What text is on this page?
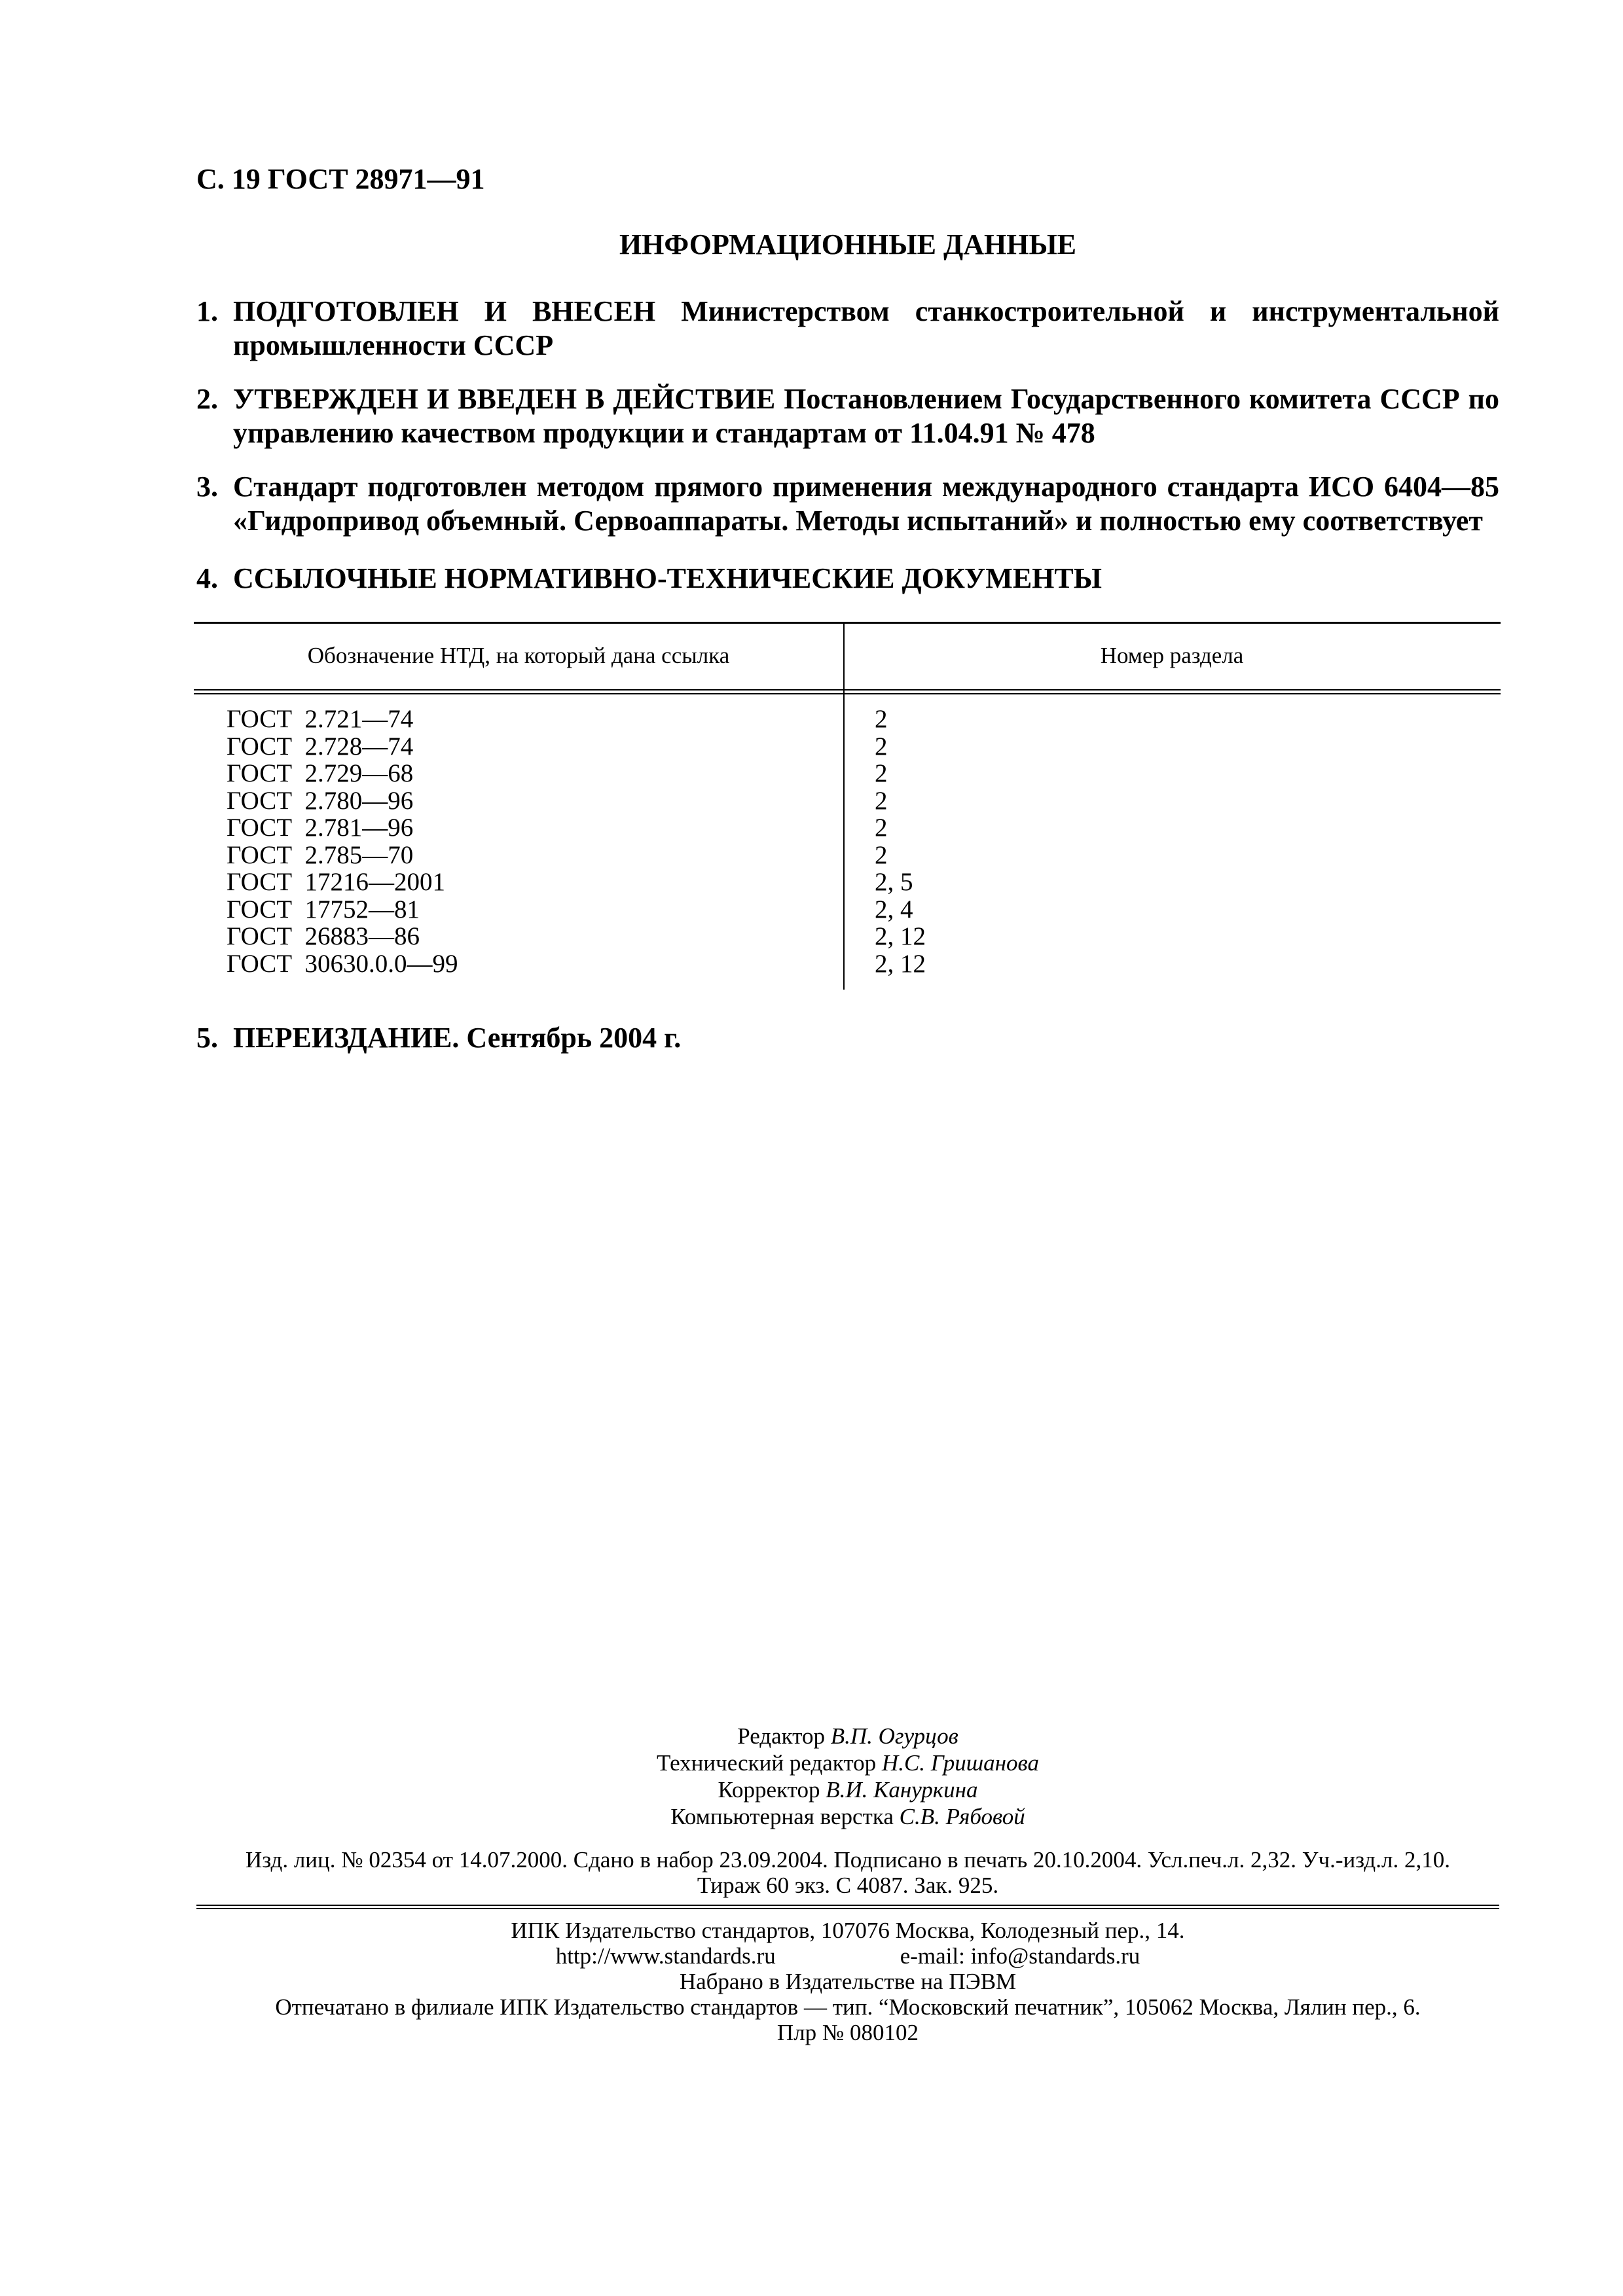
С. 19 ГОСТ 28971—91
ИНФОРМАЦИОННЫЕ ДАННЫЕ
1. ПОДГОТОВЛЕН И ВНЕСЕН Министерством станкостроительной и инструментальной промышленности СССР
2. УТВЕРЖДЕН И ВВЕДЕН В ДЕЙСТВИЕ Постановлением Государственного комитета СССР по управлению качеством продукции и стандартам от 11.04.91 № 478
3. Стандарт подготовлен методом прямого применения международного стандарта ИСО 6404—85 «Гидропривод объемный. Сервоаппараты. Методы испытаний» и полностью ему соответствует
4. ССЫЛОЧНЫЕ НОРМАТИВНО-ТЕХНИЧЕСКИЕ ДОКУМЕНТЫ
Обозначение НТД, на который дана ссылка	Номер раздела
ГОСТ  2.721—74	2
ГОСТ  2.728—74	2
ГОСТ  2.729—68	2
ГОСТ  2.780—96	2
ГОСТ  2.781—96	2
ГОСТ  2.785—70	2
ГОСТ  17216—2001	2, 5
ГОСТ  17752—81	2, 4
ГОСТ  26883—86	2, 12
ГОСТ  30630.0.0—99	2, 12
5. ПЕРЕИЗДАНИЕ. Сентябрь 2004 г.
Редактор В.П. Огурцов
Технический редактор Н.С. Гришанова
Корректор В.И. Кануркина
Компьютерная верстка С.В. Рябовой
Изд. лиц. № 02354 от 14.07.2000. Сдано в набор 23.09.2004. Подписано в печать 20.10.2004. Усл.печ.л. 2,32. Уч.-изд.л. 2,10.
Тираж 60 экз. С 4087. Зак. 925.
ИПК Издательство стандартов, 107076 Москва, Колодезный пер., 14.
http://www.standards.ru	e-mail: info@standards.ru
Набрано в Издательстве на ПЭВМ
Отпечатано в филиале ИПК Издательство стандартов — тип. “Московский печатник”, 105062 Москва, Лялин пер., 6.
Плр № 080102
